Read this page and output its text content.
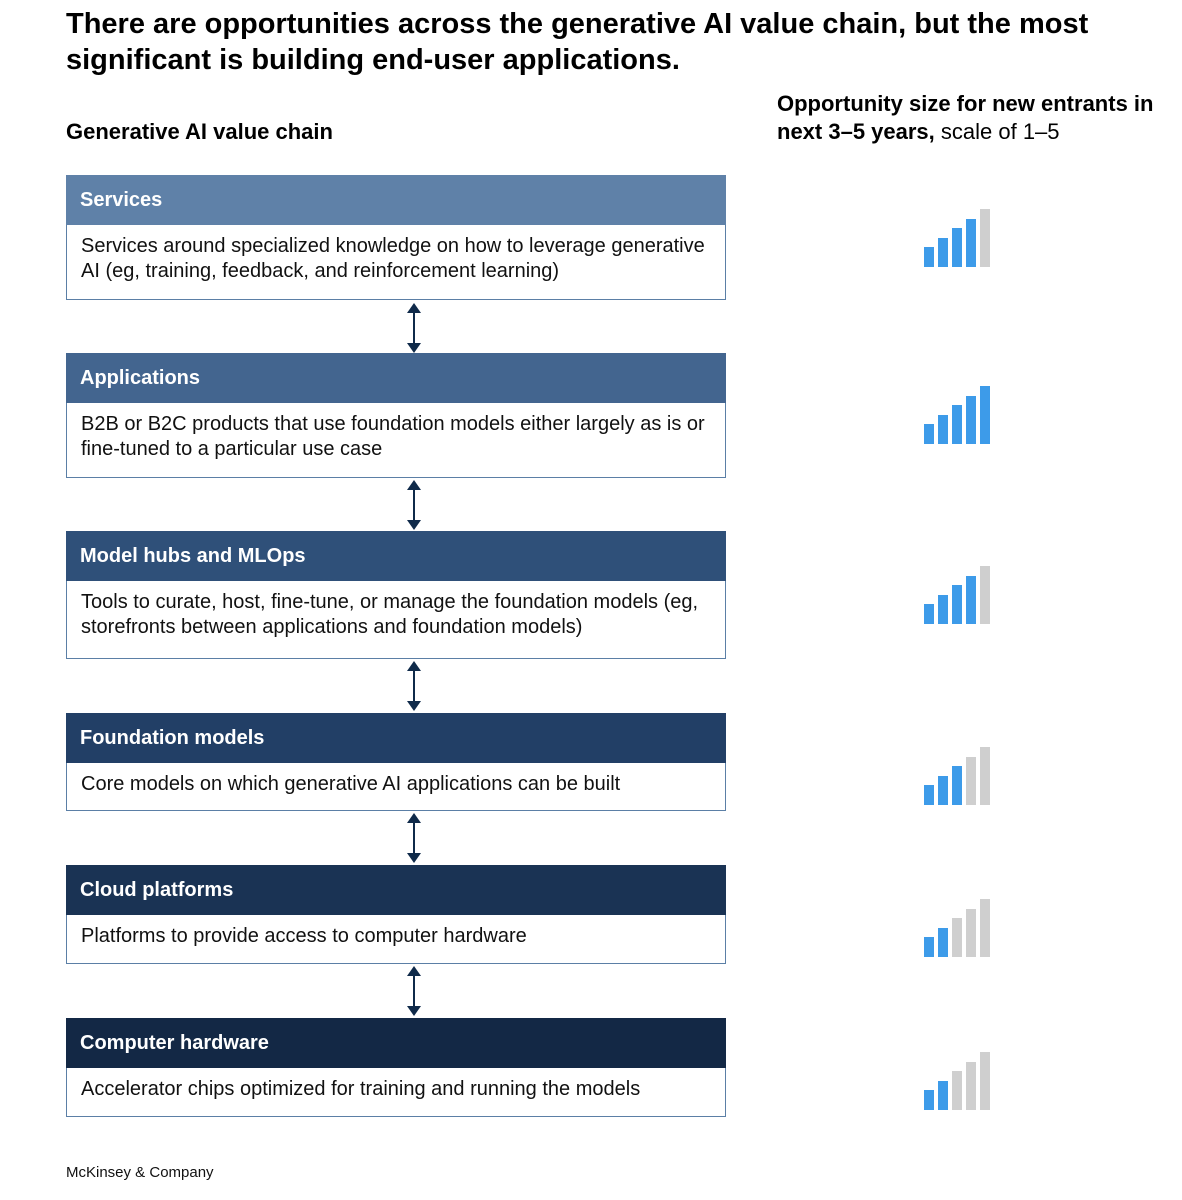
There are opportunities across the generative AI value chain, but the most significant is building end-user applications.
Generative AI value chain
Opportunity size for new entrants in next 3–5 years, scale of 1–5
Services
Services around specialized knowledge on how to leverage generative AI (eg, training, feedback, and reinforcement learning)
Applications
B2B or B2C products that use foundation models either largely as is or fine-tuned to a particular use case
Model hubs and MLOps
Tools to curate, host, fine-tune, or manage the foundation models (eg, storefronts between applications and foundation models)
Foundation models
Core models on which generative AI applications can be built
Cloud platforms
Platforms to provide access to computer hardware
Computer hardware
Accelerator chips optimized for training and running the models
McKinsey & Company
